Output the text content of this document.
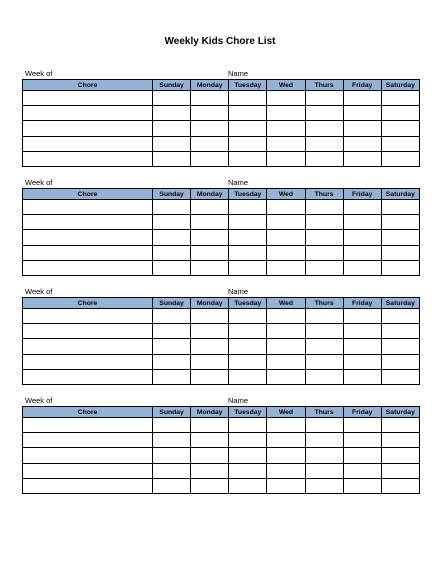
Weekly Kids Chore List
Week of	Name
Chore	Sunday	Monday	Tuesday	Wed	Thurs	Friday	Saturday

Week of	Name
Chore	Sunday	Monday	Tuesday	Wed	Thurs	Friday	Saturday

Week of	Name
Chore	Sunday	Monday	Tuesday	Wed	Thurs	Friday	Saturday

Week of	Name
Chore	Sunday	Monday	Tuesday	Wed	Thurs	Friday	Saturday
